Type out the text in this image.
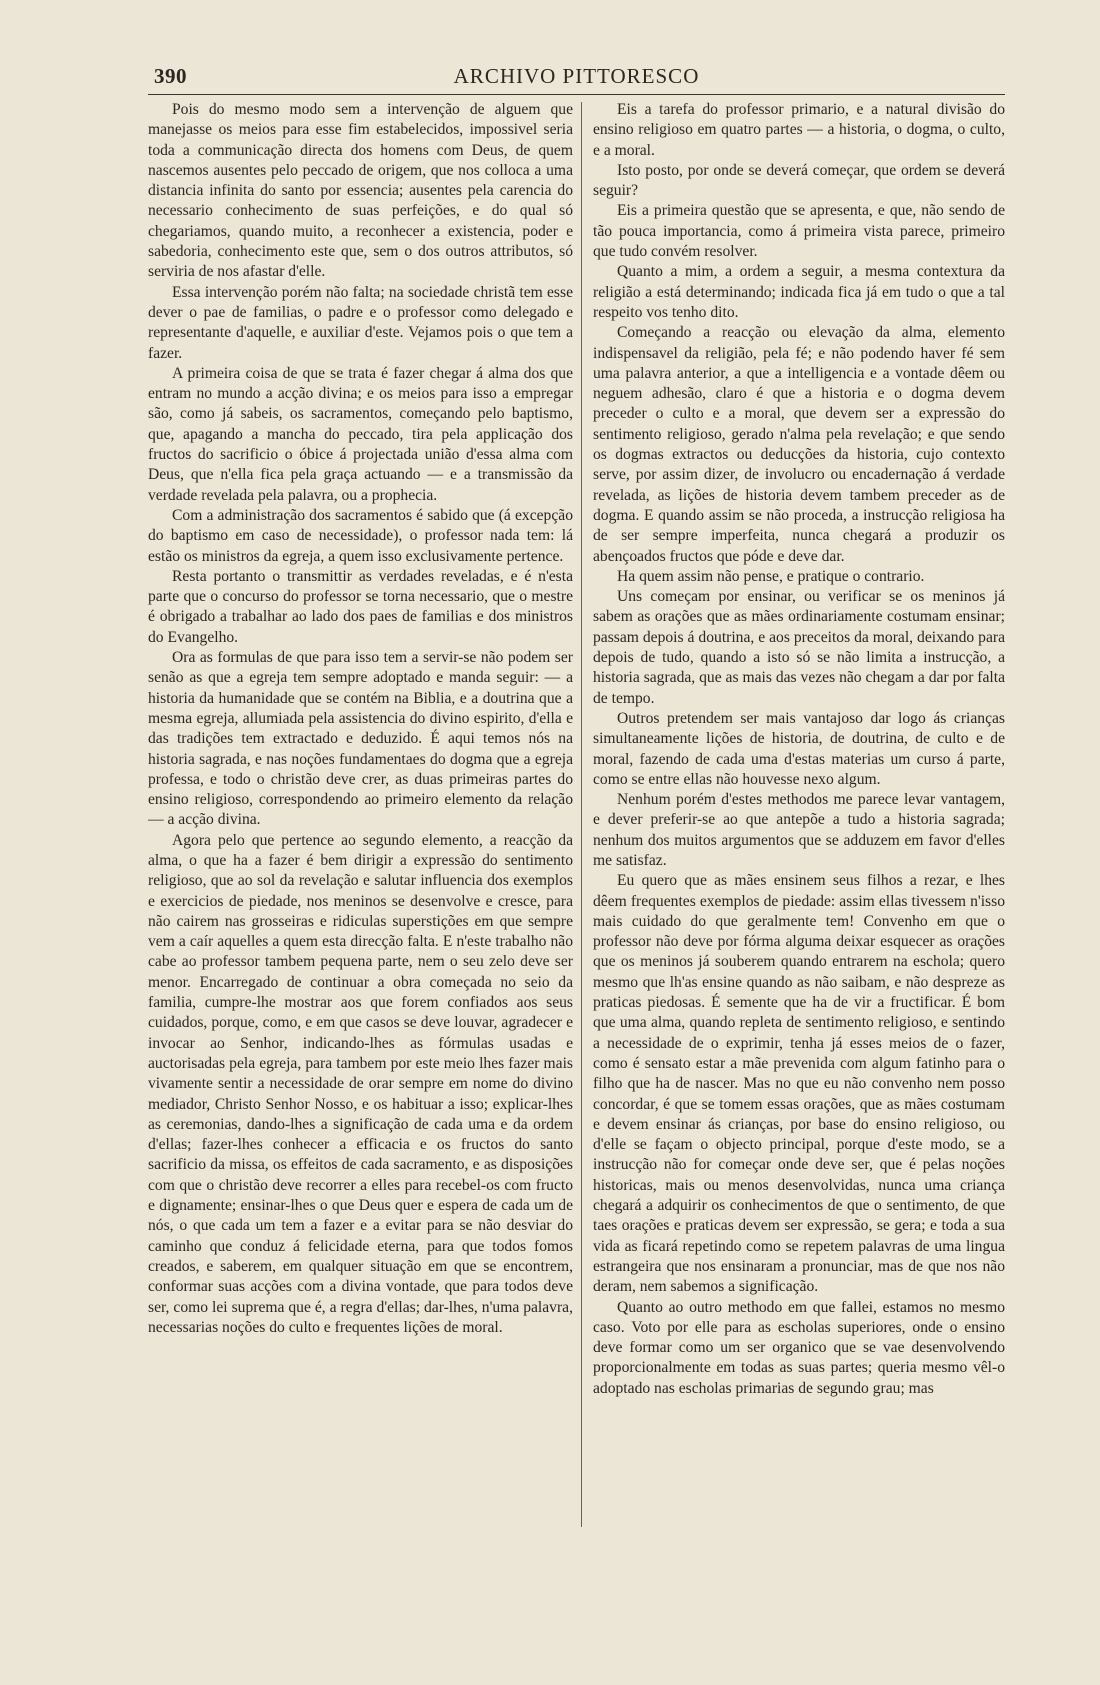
390	ARCHIVO PITTORESCO

Pois do mesmo modo sem a intervenção de alguem que manejasse os meios para esse fim estabelecidos, impossivel seria toda a communicação directa dos homens com Deus, de quem nascemos ausentes pelo peccado de origem, que nos colloca a uma distancia infinita do santo por essencia; ausentes pela carencia do necessario conhecimento de suas perfeições, e do qual só chegariamos, quando muito, a reconhecer a existencia, poder e sabedoria, conhecimento este que, sem o dos outros attributos, só serviria de nos afastar d'elle.

Essa intervenção porém não falta; na sociedade christã tem esse dever o pae de familias, o padre e o professor como delegado e representante d'aquelle, e auxiliar d'este. Vejamos pois o que tem a fazer.

A primeira coisa de que se trata é fazer chegar á alma dos que entram no mundo a acção divina; e os meios para isso a empregar são, como já sabeis, os sacramentos, começando pelo baptismo, que, apagando a mancha do peccado, tira pela applicação dos fructos do sacrificio o óbice á projectada união d'essa alma com Deus, que n'ella fica pela graça actuando — e a transmissão da verdade revelada pela palavra, ou a prophecia.

Com a administração dos sacramentos é sabido que (á excepção do baptismo em caso de necessidade), o professor nada tem: lá estão os ministros da egreja, a quem isso exclusivamente pertence.

Resta portanto o transmittir as verdades reveladas, e é n'esta parte que o concurso do professor se torna necessario, que o mestre é obrigado a trabalhar ao lado dos paes de familias e dos ministros do Evangelho.

Ora as formulas de que para isso tem a servir-se não podem ser senão as que a egreja tem sempre adoptado e manda seguir: — a historia da humanidade que se contém na Biblia, e a doutrina que a mesma egreja, allumiada pela assistencia do divino espirito, d'ella e das tradições tem extractado e deduzido. É aqui temos nós na historia sagrada, e nas noções fundamentaes do dogma que a egreja professa, e todo o christão deve crer, as duas primeiras partes do ensino religioso, correspondendo ao primeiro elemento da relação — a acção divina.

Agora pelo que pertence ao segundo elemento, a reacção da alma, o que ha a fazer é bem dirigir a expressão do sentimento religioso, que ao sol da revelação e salutar influencia dos exemplos e exercicios de piedade, nos meninos se desenvolve e cresce, para não cairem nas grosseiras e ridiculas superstições em que sempre vem a caír aquelles a quem esta direcção falta. E n'este trabalho não cabe ao professor tambem pequena parte, nem o seu zelo deve ser menor. Encarregado de continuar a obra começada no seio da familia, cumpre-lhe mostrar aos que forem confiados aos seus cuidados, porque, como, e em que casos se deve louvar, agradecer e invocar ao Senhor, indicando-lhes as fórmulas usadas e auctorisadas pela egreja, para tambem por este meio lhes fazer mais vivamente sentir a necessidade de orar sempre em nome do divino mediador, Christo Senhor Nosso, e os habituar a isso; explicar-lhes as ceremonias, dando-lhes a significação de cada uma e da ordem d'ellas; fazer-lhes conhecer a efficacia e os fructos do santo sacrificio da missa, os effeitos de cada sacramento, e as disposições com que o christão deve recorrer a elles para recebel-os com fructo e dignamente; ensinar-lhes o que Deus quer e espera de cada um de nós, o que cada um tem a fazer e a evitar para se não desviar do caminho que conduz á felicidade eterna, para que todos fomos creados, e saberem, em qualquer situação em que se encontrem, conformar suas acções com a divina vontade, que para todos deve ser, como lei suprema que é, a regra d'ellas; dar-lhes, n'uma palavra, necessarias noções do culto e frequentes lições de moral.

Eis a tarefa do professor primario, e a natural divisão do ensino religioso em quatro partes — a historia, o dogma, o culto, e a moral.

Isto posto, por onde se deverá começar, que ordem se deverá seguir?

Eis a primeira questão que se apresenta, e que, não sendo de tão pouca importancia, como á primeira vista parece, primeiro que tudo convém resolver.

Quanto a mim, a ordem a seguir, a mesma contextura da religião a está determinando; indicada fica já em tudo o que a tal respeito vos tenho dito.

Começando a reacção ou elevação da alma, elemento indispensavel da religião, pela fé; e não podendo haver fé sem uma palavra anterior, a que a intelligencia e a vontade dêem ou neguem adhesão, claro é que a historia e o dogma devem preceder o culto e a moral, que devem ser a expressão do sentimento religioso, gerado n'alma pela revelação; e que sendo os dogmas extractos ou deducções da historia, cujo contexto serve, por assim dizer, de involucro ou encadernação á verdade revelada, as lições de historia devem tambem preceder as de dogma. E quando assim se não proceda, a instrucção religiosa ha de ser sempre imperfeita, nunca chegará a produzir os abençoados fructos que póde e deve dar.

Ha quem assim não pense, e pratique o contrario.

Uns começam por ensinar, ou verificar se os meninos já sabem as orações que as mães ordinariamente costumam ensinar; passam depois á doutrina, e aos preceitos da moral, deixando para depois de tudo, quando a isto só se não limita a instrucção, a historia sagrada, que as mais das vezes não chegam a dar por falta de tempo.

Outros pretendem ser mais vantajoso dar logo ás crianças simultaneamente lições de historia, de doutrina, de culto e de moral, fazendo de cada uma d'estas materias um curso á parte, como se entre ellas não houvesse nexo algum.

Nenhum porém d'estes methodos me parece levar vantagem, e dever preferir-se ao que antepõe a tudo a historia sagrada; nenhum dos muitos argumentos que se adduzem em favor d'elles me satisfaz.

Eu quero que as mães ensinem seus filhos a rezar, e lhes dêem frequentes exemplos de piedade: assim ellas tivessem n'isso mais cuidado do que geralmente tem! Convenho em que o professor não deve por fórma alguma deixar esquecer as orações que os meninos já souberem quando entrarem na eschola; quero mesmo que lh'as ensine quando as não saibam, e não despreze as praticas piedosas. É semente que ha de vir a fructificar. É bom que uma alma, quando repleta de sentimento religioso, e sentindo a necessidade de o exprimir, tenha já esses meios de o fazer, como é sensato estar a mãe prevenida com algum fatinho para o filho que ha de nascer. Mas no que eu não convenho nem posso concordar, é que se tomem essas orações, que as mães costumam e devem ensinar ás crianças, por base do ensino religioso, ou d'elle se façam o objecto principal, porque d'este modo, se a instrucção não for começar onde deve ser, que é pelas noções historicas, mais ou menos desenvolvidas, nunca uma criança chegará a adquirir os conhecimentos de que o sentimento, de que taes orações e praticas devem ser expressão, se gera; e toda a sua vida as ficará repetindo como se repetem palavras de uma lingua estrangeira que nos ensinaram a pronunciar, mas de que nos não deram, nem sabemos a significação.

Quanto ao outro methodo em que fallei, estamos no mesmo caso. Voto por elle para as escholas superiores, onde o ensino deve formar como um ser organico que se vae desenvolvendo proporcionalmente em todas as suas partes; queria mesmo vêl-o adoptado nas escholas primarias de segundo grau; mas
